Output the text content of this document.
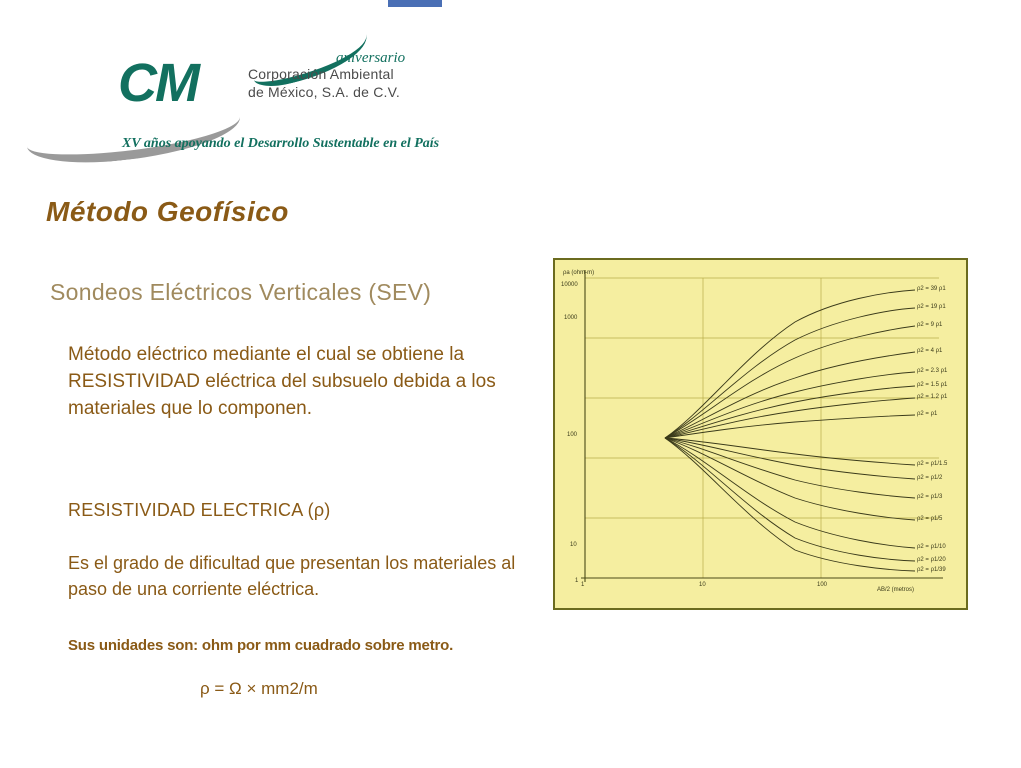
CM	aniversario
Corporación Ambiental
de México, S.A. de C.V.
XV años apoyando el Desarrollo Sustentable en el País
Método Geofísico
Sondeos Eléctricos Verticales (SEV)
Método eléctrico mediante el cual se obtiene la RESISTIVIDAD eléctrica del subsuelo debida a los materiales que lo componen.
RESISTIVIDAD ELECTRICA (ρ)
Es el grado de dificultad que presentan los materiales al paso de una corriente eléctrica.
Sus unidades son: ohm por mm cuadrado sobre metro.
ρ = Ω × mm2/m
ρa (ohm-m)
10000
1000
100
10
1
1	10	100
AB/2 (metros)
ρ2 = 39 ρ1
ρ2 = 19 ρ1
ρ2 = 9 ρ1
ρ2 = 4 ρ1
ρ2 = 2.3 ρ1
ρ2 = 1.5 ρ1
ρ2 = 1.2 ρ1
ρ2 = ρ1
ρ2 = ρ1/1.5
ρ2 = ρ1/2
ρ2 = ρ1/3
ρ2 = ρ1/5
ρ2 = ρ1/10
ρ2 = ρ1/20
ρ2 = ρ1/39
